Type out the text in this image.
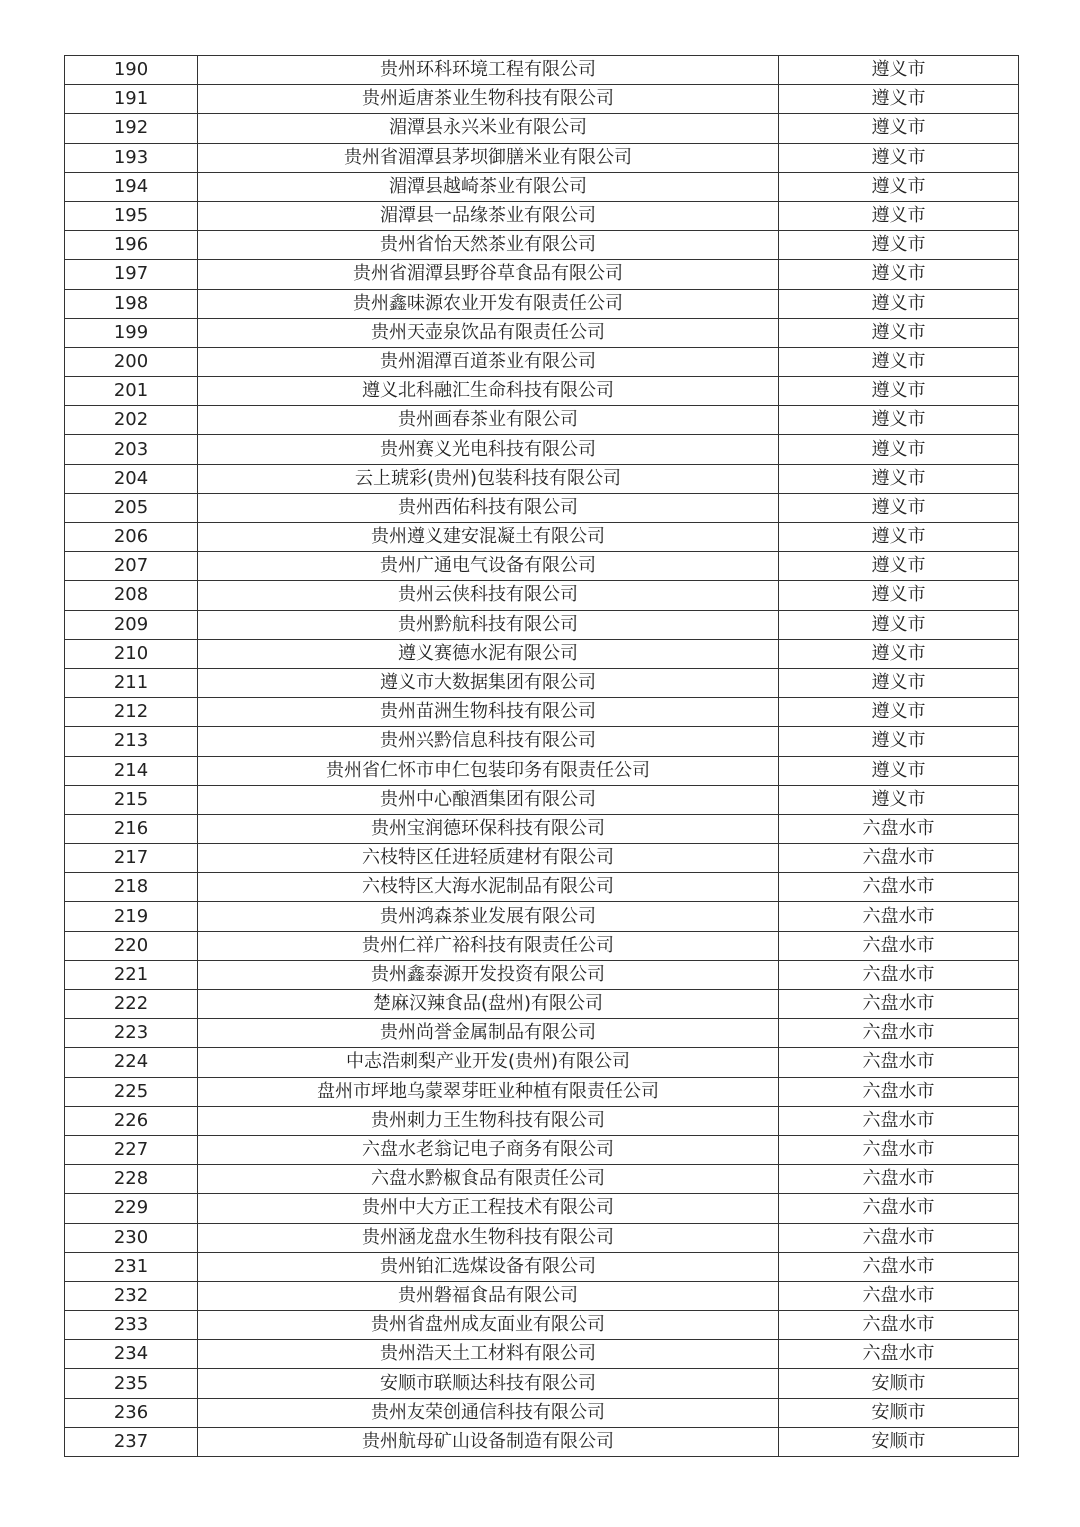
190	贵州环科环境工程有限公司	遵义市
191	贵州逅唐茶业生物科技有限公司	遵义市
192	湄潭县永兴米业有限公司	遵义市
193	贵州省湄潭县茅坝御膳米业有限公司	遵义市
194	湄潭县越崎茶业有限公司	遵义市
195	湄潭县一品缘茶业有限公司	遵义市
196	贵州省怡天然茶业有限公司	遵义市
197	贵州省湄潭县野谷草食品有限公司	遵义市
198	贵州鑫味源农业开发有限责任公司	遵义市
199	贵州天壶泉饮品有限责任公司	遵义市
200	贵州湄潭百道茶业有限公司	遵义市
201	遵义北科融汇生命科技有限公司	遵义市
202	贵州画春茶业有限公司	遵义市
203	贵州赛义光电科技有限公司	遵义市
204	云上琥彩(贵州)包装科技有限公司	遵义市
205	贵州西佑科技有限公司	遵义市
206	贵州遵义建安混凝土有限公司	遵义市
207	贵州广通电气设备有限公司	遵义市
208	贵州云侠科技有限公司	遵义市
209	贵州黔航科技有限公司	遵义市
210	遵义赛德水泥有限公司	遵义市
211	遵义市大数据集团有限公司	遵义市
212	贵州苗洲生物科技有限公司	遵义市
213	贵州兴黔信息科技有限公司	遵义市
214	贵州省仁怀市申仁包装印务有限责任公司	遵义市
215	贵州中心酿酒集团有限公司	遵义市
216	贵州宝润德环保科技有限公司	六盘水市
217	六枝特区任进轻质建材有限公司	六盘水市
218	六枝特区大海水泥制品有限公司	六盘水市
219	贵州鸿森茶业发展有限公司	六盘水市
220	贵州仁祥广裕科技有限责任公司	六盘水市
221	贵州鑫泰源开发投资有限公司	六盘水市
222	楚麻汉辣食品(盘州)有限公司	六盘水市
223	贵州尚誉金属制品有限公司	六盘水市
224	中志浩刺梨产业开发(贵州)有限公司	六盘水市
225	盘州市坪地乌蒙翠芽旺业种植有限责任公司	六盘水市
226	贵州刺力王生物科技有限公司	六盘水市
227	六盘水老翁记电子商务有限公司	六盘水市
228	六盘水黔椒食品有限责任公司	六盘水市
229	贵州中大方正工程技术有限公司	六盘水市
230	贵州涵龙盘水生物科技有限公司	六盘水市
231	贵州铂汇选煤设备有限公司	六盘水市
232	贵州磐福食品有限公司	六盘水市
233	贵州省盘州成友面业有限公司	六盘水市
234	贵州浩天土工材料有限公司	六盘水市
235	安顺市联顺达科技有限公司	安顺市
236	贵州友荣创通信科技有限公司	安顺市
237	贵州航母矿山设备制造有限公司	安顺市
